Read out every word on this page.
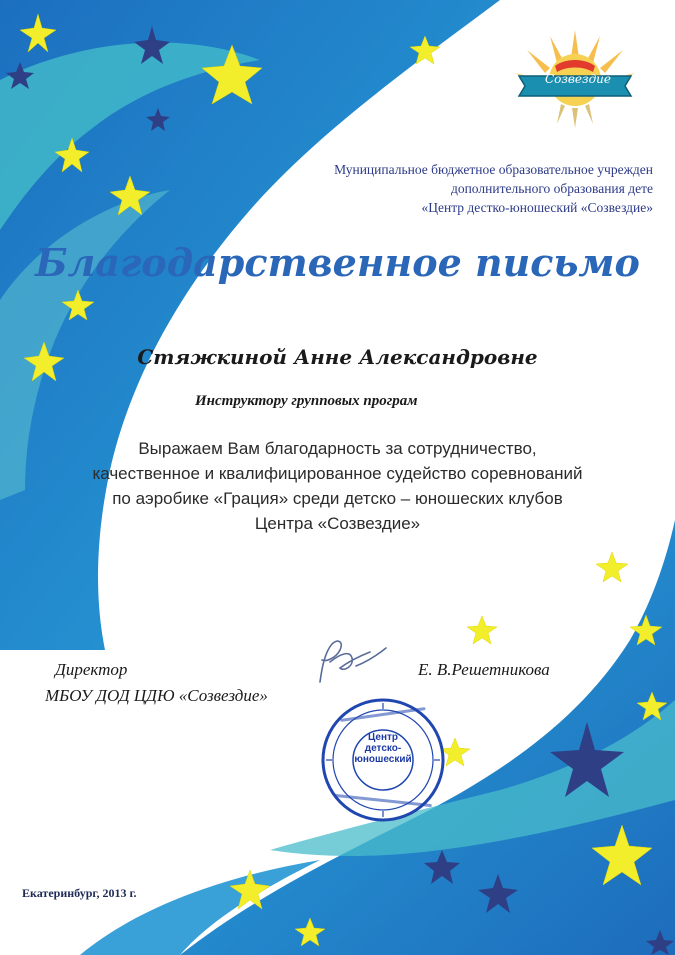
Созвездие
Муниципальное бюджетное образовательное учрежден
дополнительного образования дете
«Центр дестко-юношеский «Созвездие»
Благодарственное письмо
Стяжкиной Анне Александровне
Инструктору групповых програм
Выражаем Вам благодарность за сотрудничество,
качественное и квалифицированное судейство соревнований
по аэробике «Грация» среди детско – юношеских клубов
Центра «Созвездие»
Директор
МБОУ ДОД ЦДЮ «Созвездие»
Е. В.Решетникова
Центр
детско-
юношеский
Екатеринбург, 2013 г.
